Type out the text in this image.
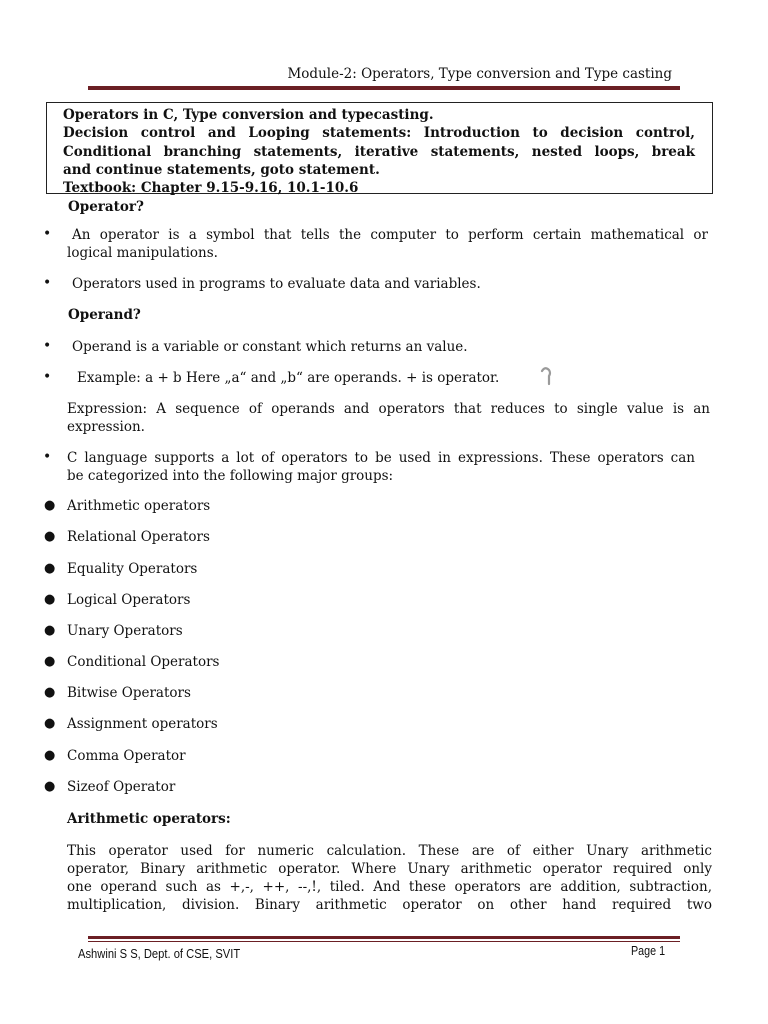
Module-2: Operators, Type conversion and Type casting

Operators in C, Type conversion and typecasting.

Decision control and Looping statements: Introduction to decision control,

Conditional branching statements, iterative statements, nested loops, break

and continue statements, goto statement.

Textbook: Chapter 9.15-9.16, 10.1-10.6

Operator?
• An operator is a symbol that tells the computer to perform certain mathematical or
logical manipulations.
• Operators used in programs to evaluate data and variables.
Operand?
• Operand is a variable or constant which returns an value.
• Example: a + b Here „a“ and „b“ are operands. + is operator.
Expression: A sequence of operands and operators that reduces to single value is an
expression.
• C language supports a lot of operators to be used in expressions. These operators can
be categorized into the following major groups:
● Arithmetic operators
● Relational Operators
● Equality Operators
● Logical Operators
● Unary Operators
● Conditional Operators
● Bitwise Operators
● Assignment operators
● Comma Operator
● Sizeof Operator
Arithmetic operators:
This operator used for numeric calculation. These are of either Unary arithmetic
operator, Binary arithmetic operator. Where Unary arithmetic operator required only
one operand such as +,-, ++, --,!, tiled. And these operators are addition, subtraction,
multiplication, division. Binary arithmetic operator on other hand required two
Ashwini S S, Dept. of CSE, SVIT	Page 1
